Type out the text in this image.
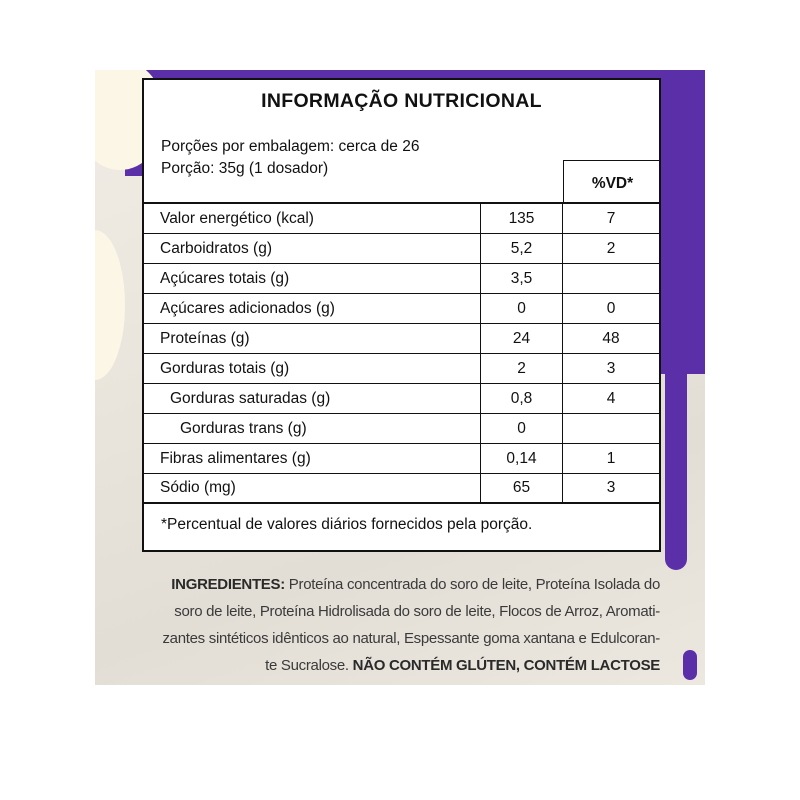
INFORMAÇÃO NUTRICIONAL
Porções por embalagem: cerca de 26
Porção: 35g (1 dosador)
%VD*
Valor energético (kcal)	135	7
Carboidratos (g)	5,2	2
Açúcares totais (g)	3,5
Açúcares adicionados (g)	0	0
Proteínas (g)	24	48
Gorduras totais (g)	2	3
Gorduras saturadas (g)	0,8	4
Gorduras trans (g)	0
Fibras alimentares (g)	0,14	1
Sódio (mg)	65	3
*Percentual de valores diários fornecidos pela porção.
INGREDIENTES: Proteína concentrada do soro de leite, Proteína Isolada do
soro de leite, Proteína Hidrolisada do soro de leite, Flocos de Arroz, Aromati-
zantes sintéticos idênticos ao natural, Espessante goma xantana e Edulcoran-
te Sucralose. NÃO CONTÉM GLÚTEN, CONTÉM LACTOSE
